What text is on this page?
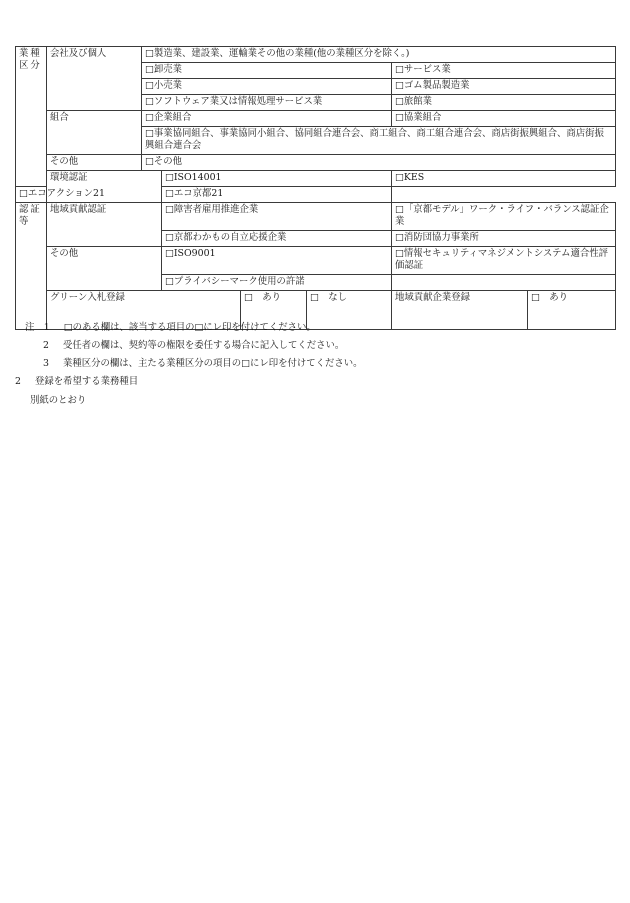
業種
区分	会社及び個人	□製造業、建設業、運輸業その他の業種(他の業種区分を除く。)						
		□卸売業				□サービス業		
		□小売業				□ゴム製品製造業		
		□ソフトウェア業又は情報処理サービス業				□旅館業		
	組合	□企業組合				□協業組合		
		□事業協同組合、事業協同小組合、協同組合連合会、商工組合、商工組合連合会、商店街振興組合、商店街振興組合連合会						
	その他	□その他						
	環境認証		□ISO14001			□KES		
□エコアクション21			□エコ京都21					
認証
等	地域貢献認証		□障害者雇用推進企業			□「京都モデル」ワーク・ライフ・バランス認証企業		
			□京都わかもの自立応援企業			□消防団協力事業所		
	その他		□ISO9001			□情報セキュリティマネジメントシステム適合性評価認証		
			□プライバシーマーク使用の許諾					
	グリーン入札登録			□　あり	□　なし	地域貢献企業登録	□　あり	
注　1 □のある欄は、該当する項目の□にレ印を付けてください。
2 受任者の欄は、契約等の権限を委任する場合に記入してください。
3 業種区分の欄は、主たる業種区分の項目の□にレ印を付けてください。
2 登録を希望する業務種目
別紙のとおり
